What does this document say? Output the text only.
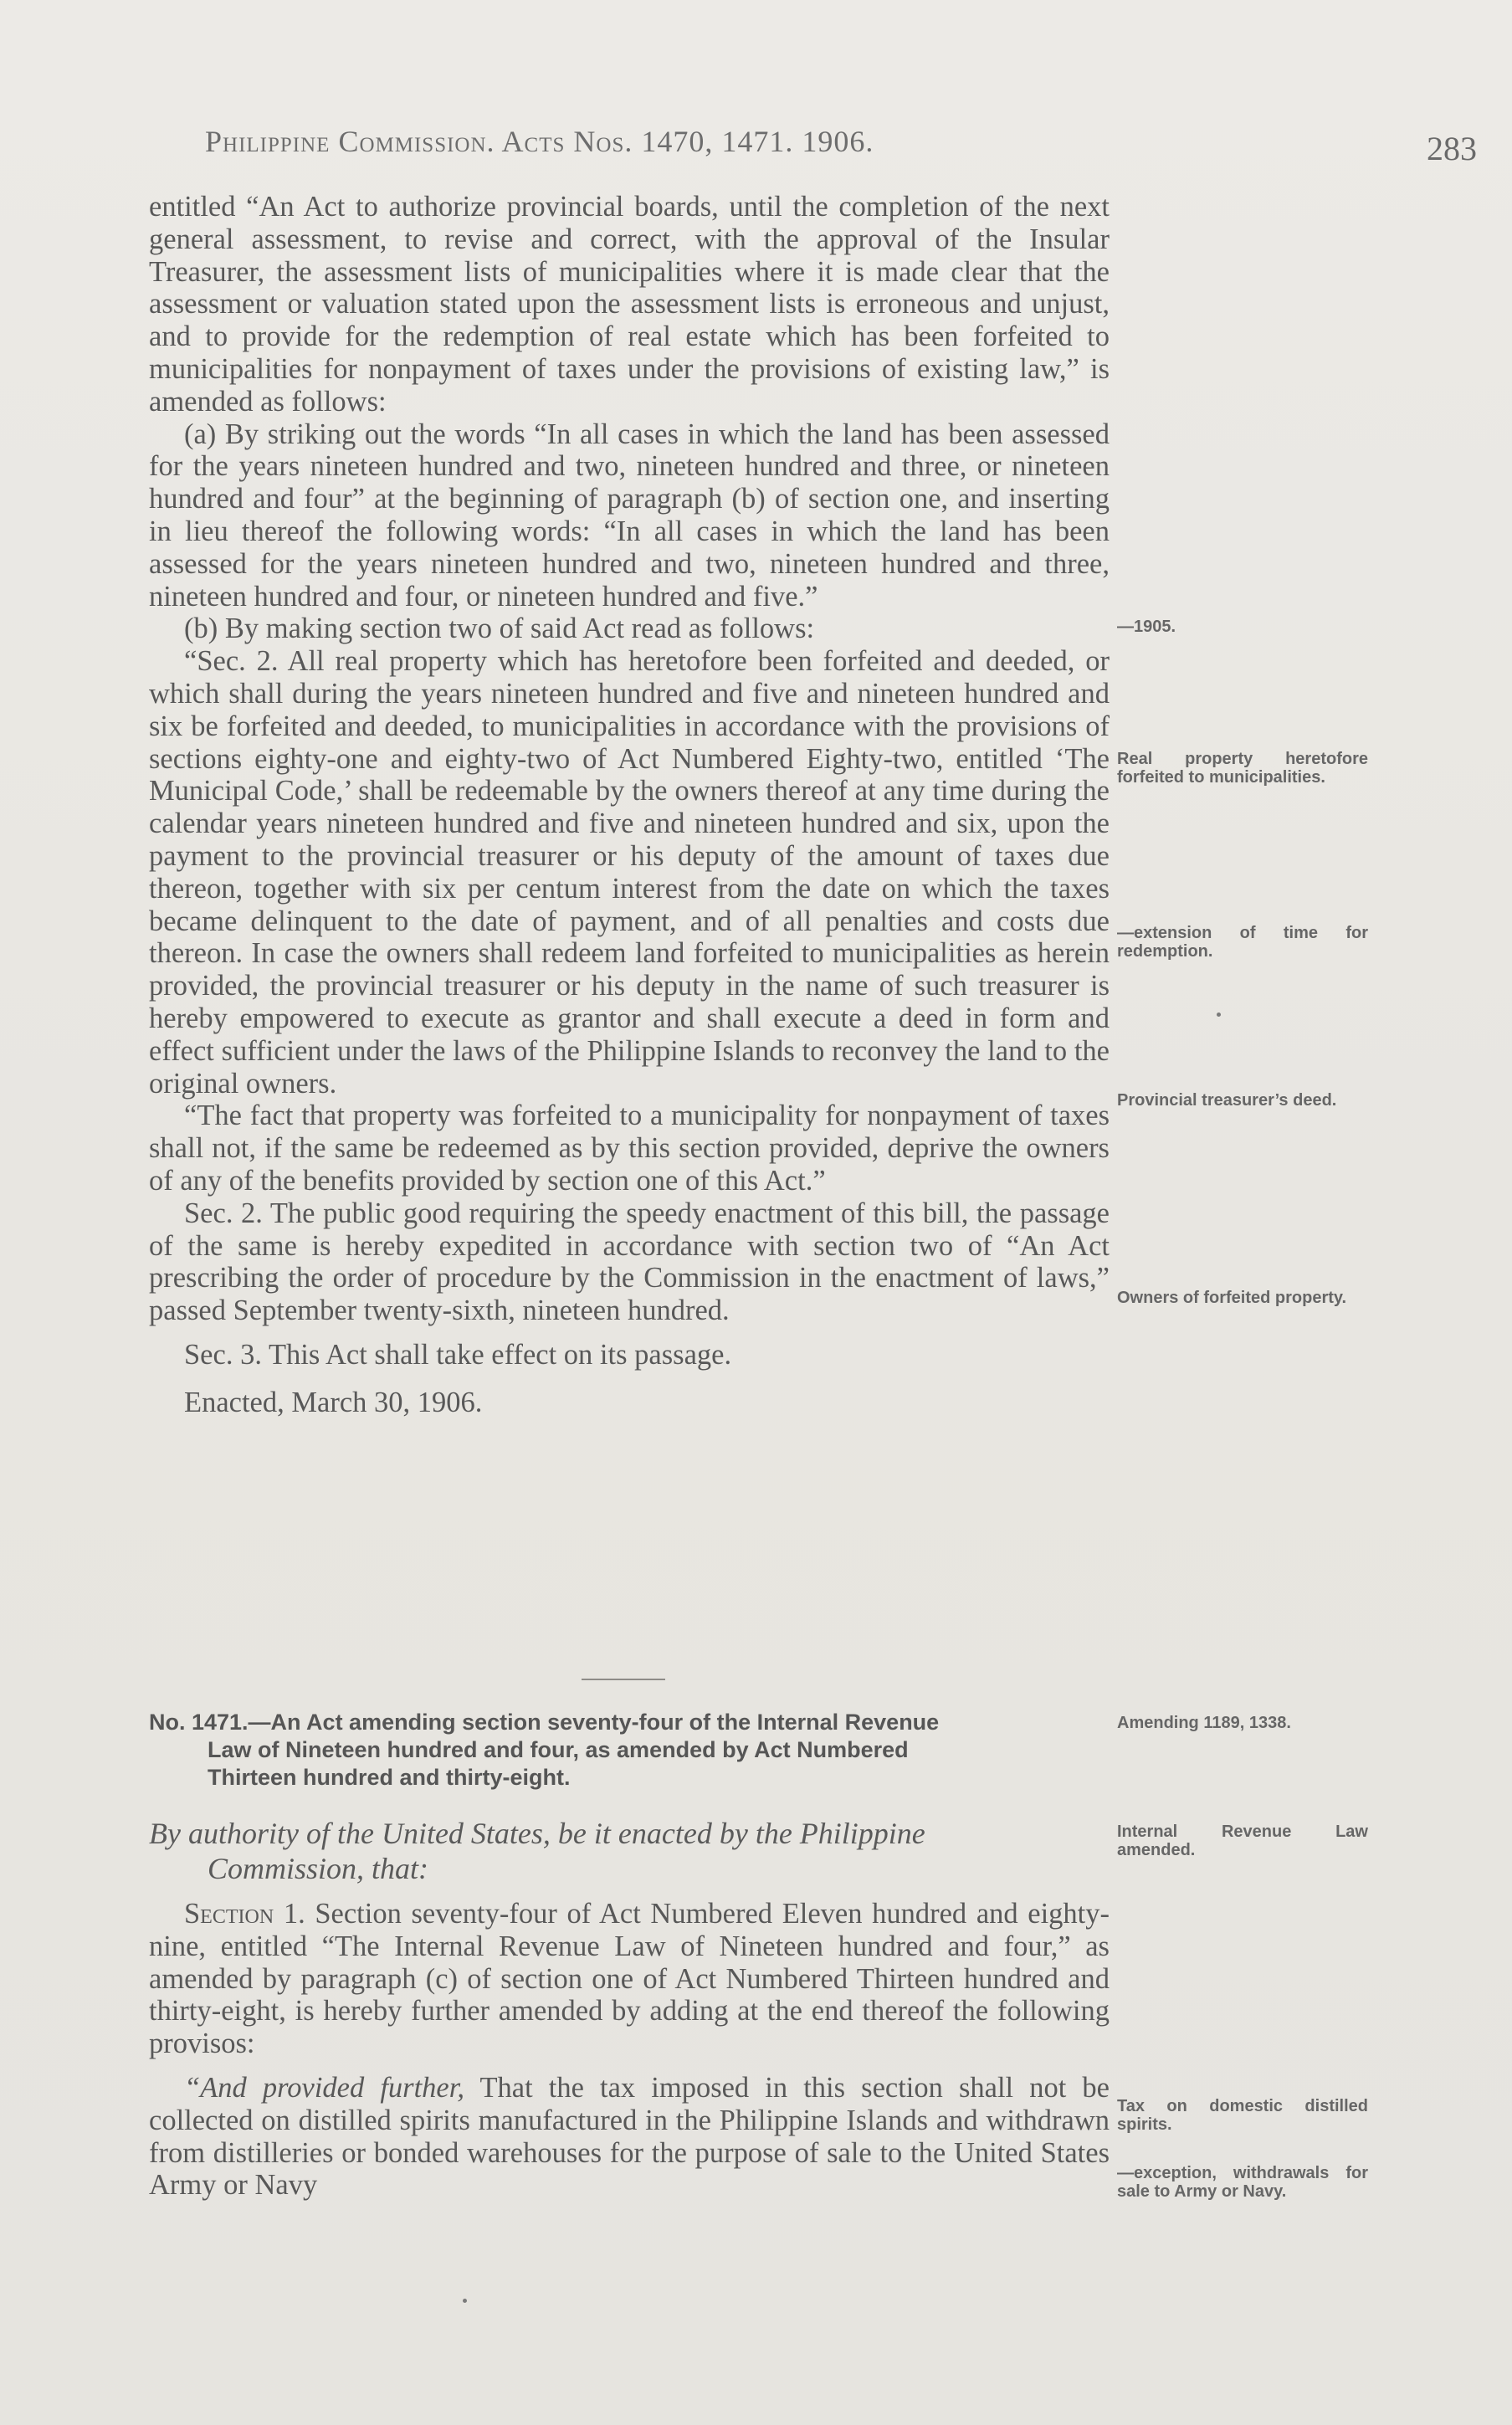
Philippine Commission. Acts Nos. 1470, 1471. 1906.	283

entitled “An Act to authorize provincial boards, until the completion of the next general assessment, to revise and correct, with the approval of the Insular Treasurer, the assessment lists of municipalities where it is made clear that the assessment or valuation stated upon the assessment lists is erroneous and unjust, and to provide for the redemption of real estate which has been forfeited to municipalities for nonpayment of taxes under the provisions of existing law,” is amended as follows:

(a) By striking out the words “In all cases in which the land has been assessed for the years nineteen hundred and two, nineteen hundred and three, or nineteen hundred and four” at the beginning of paragraph (b) of section one, and inserting in lieu thereof the following words: “In all cases in which the land has been assessed for the years nineteen hundred and two, nineteen hundred and three, nineteen hundred and four, or nineteen hundred and five.”

(b) By making section two of said Act read as follows:

“Sec. 2. All real property which has heretofore been forfeited and deeded, or which shall during the years nineteen hundred and five and nineteen hundred and six be forfeited and deeded, to municipalities in accordance with the provisions of sections eighty-one and eighty-two of Act Numbered Eighty-two, entitled ‘The Municipal Code,’ shall be redeemable by the owners thereof at any time during the calendar years nineteen hundred and five and nineteen hundred and six, upon the payment to the provincial treasurer or his deputy of the amount of taxes due thereon, together with six per centum interest from the date on which the taxes became delinquent to the date of payment, and of all penalties and costs due thereon. In case the owners shall redeem land forfeited to municipalities as herein provided, the provincial treasurer or his deputy in the name of such treasurer is hereby empowered to execute as grantor and shall execute a deed in form and effect sufficient under the laws of the Philippine Islands to reconvey the land to the original owners.

“The fact that property was forfeited to a municipality for nonpayment of taxes shall not, if the same be redeemed as by this section provided, deprive the owners of any of the benefits provided by section one of this Act.”

Sec. 2. The public good requiring the speedy enactment of this bill, the passage of the same is hereby expedited in accordance with section two of “An Act prescribing the order of procedure by the Commission in the enactment of laws,” passed September twenty-sixth, nineteen hundred.

Sec. 3. This Act shall take effect on its passage.

Enacted, March 30, 1906.

No. 1471.—An Act amending section seventy-four of the Internal Revenue
Law of Nineteen hundred and four, as amended by Act Numbered
Thirteen hundred and thirty-eight.
By authority of the United States, be it enacted by the Philippine
Commission, that:

Section 1. Section seventy-four of Act Numbered Eleven hundred and eighty-nine, entitled “The Internal Revenue Law of Nineteen hundred and four,” as amended by paragraph (c) of section one of Act Numbered Thirteen hundred and thirty-eight, is hereby further amended by adding at the end thereof the following provisos:

“And provided further, That the tax imposed in this section shall not be collected on distilled spirits manufactured in the Philippine Islands and withdrawn from distilleries or bonded warehouses for the purpose of sale to the United States Army or Navy

—1905.
Real property heretofore forfeited to municipalities.
—extension of time for redemption.
Provincial treasurer’s deed.
Owners of forfeited property.
Amending 1189, 1338.
Internal Revenue Law amended.
Tax on domestic distilled spirits.
—exception, withdrawals for sale to Army or Navy.
